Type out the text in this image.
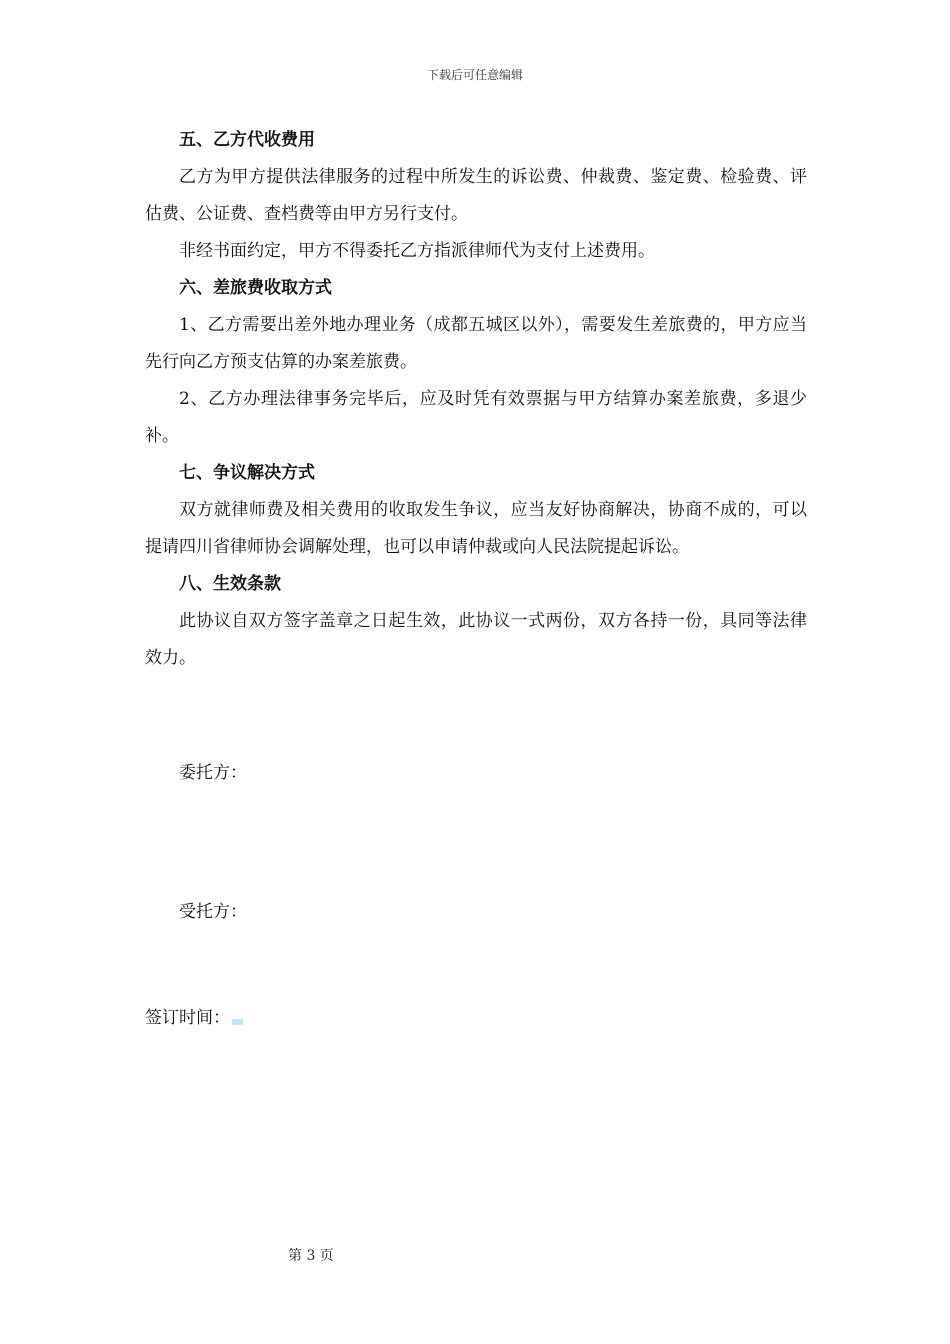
下载后可任意编辑

五、乙方代收费用

乙方为甲方提供法律服务的过程中所发生的诉讼费、仲裁费、鉴定费、检验费、评估费、公证费、查档费等由甲方另行支付。

非经书面约定，甲方不得委托乙方指派律师代为支付上述费用。

六、差旅费收取方式

1、乙方需要出差外地办理业务（成都五城区以外），需要发生差旅费的，甲方应当先行向乙方预支估算的办案差旅费。

2、乙方办理法律事务完毕后，应及时凭有效票据与甲方结算办案差旅费，多退少补。

七、争议解决方式

双方就律师费及相关费用的收取发生争议，应当友好协商解决，协商不成的，可以提请四川省律师协会调解处理，也可以申请仲裁或向人民法院提起诉讼。

八、生效条款

此协议自双方签字盖章之日起生效，此协议一式两份，双方各持一份，具同等法律效力。

委托方：
受托方：
签订时间：
第 3 页
